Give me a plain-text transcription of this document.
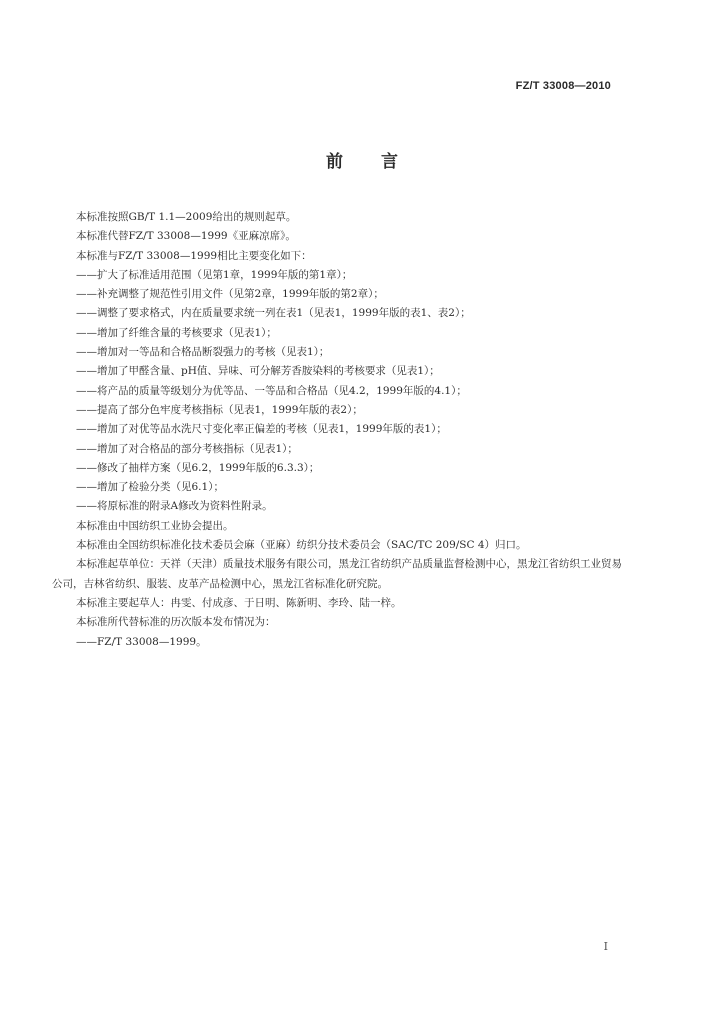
FZ/T 33008—2010
前言

本标准按照GB/T 1.1—2009给出的规则起草。

本标准代替FZ/T 33008—1999《亚麻凉席》。

本标准与FZ/T 33008—1999相比主要变化如下：

——扩大了标准适用范围（见第1章，1999年版的第1章）；

——补充调整了规范性引用文件（见第2章，1999年版的第2章）；

——调整了要求格式，内在质量要求统一列在表1（见表1，1999年版的表1、表2）；

——增加了纤维含量的考核要求（见表1）；

——增加对一等品和合格品断裂强力的考核（见表1）；

——增加了甲醛含量、pH值、异味、可分解芳香胺染料的考核要求（见表1）；

——将产品的质量等级划分为优等品、一等品和合格品（见4.2，1999年版的4.1）；

——提高了部分色牢度考核指标（见表1，1999年版的表2）；

——增加了对优等品水洗尺寸变化率正偏差的考核（见表1，1999年版的表1）；

——增加了对合格品的部分考核指标（见表1）；

——修改了抽样方案（见6.2，1999年版的6.3.3）；

——增加了检验分类（见6.1）；

——将原标准的附录A修改为资料性附录。

本标准由中国纺织工业协会提出。

本标准由全国纺织标准化技术委员会麻（亚麻）纺织分技术委员会（SAC/TC 209/SC 4）归口。

本标准起草单位：天祥（天津）质量技术服务有限公司，黑龙江省纺织产品质量监督检测中心，黑龙江省纺织工业贸易公司，吉林省纺织、服装、皮革产品检测中心，黑龙江省标准化研究院。

本标准主要起草人：冉雯、付成彦、于日明、陈新明、李玲、陆一梓。

本标准所代替标准的历次版本发布情况为：

——FZ/T 33008—1999。

I
